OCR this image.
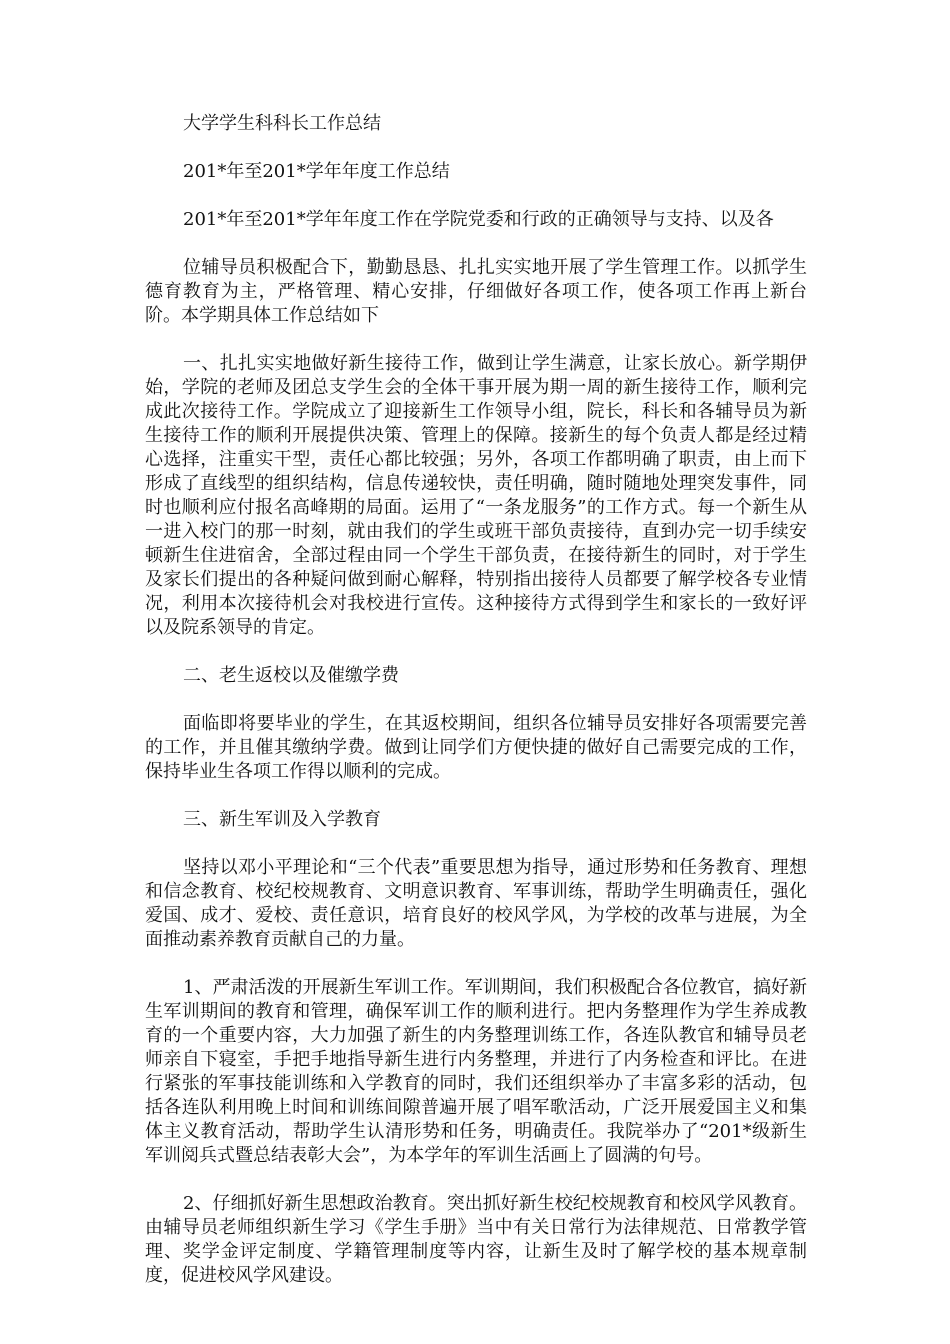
大学学生科科长工作总结

201*年至201*学年年度工作总结

201*年至201*学年年度工作在学院党委和行政的正确领导与支持、以及各

位辅导员积极配合下，勤勤恳恳、扎扎实实地开展了学生管理工作。以抓学生德育教育为主，严格管理、精心安排，仔细做好各项工作，使各项工作再上新台阶。本学期具体工作总结如下

一、扎扎实实地做好新生接待工作，做到让学生满意，让家长放心。新学期伊始，学院的老师及团总支学生会的全体干事开展为期一周的新生接待工作，顺利完成此次接待工作。学院成立了迎接新生工作领导小组，院长，科长和各辅导员为新生接待工作的顺利开展提供决策、管理上的保障。接新生的每个负责人都是经过精心选择，注重实干型，责任心都比较强；另外，各项工作都明确了职责，由上而下形成了直线型的组织结构，信息传递较快，责任明确，随时随地处理突发事件，同时也顺利应付报名高峰期的局面。运用了“一条龙服务”的工作方式。每一个新生从一进入校门的那一时刻，就由我们的学生或班干部负责接待，直到办完一切手续安顿新生住进宿舍，全部过程由同一个学生干部负责，在接待新生的同时，对于学生及家长们提出的各种疑问做到耐心解释，特别指出接待人员都要了解学校各专业情况，利用本次接待机会对我校进行宣传。这种接待方式得到学生和家长的一致好评以及院系领导的肯定。

二、老生返校以及催缴学费

面临即将要毕业的学生，在其返校期间，组织各位辅导员安排好各项需要完善的工作，并且催其缴纳学费。做到让同学们方便快捷的做好自己需要完成的工作，保持毕业生各项工作得以顺利的完成。

三、新生军训及入学教育

坚持以邓小平理论和“三个代表”重要思想为指导，通过形势和任务教育、理想和信念教育、校纪校规教育、文明意识教育、军事训练，帮助学生明确责任，强化爱国、成才、爱校、责任意识，培育良好的校风学风，为学校的改革与进展，为全面推动素养教育贡献自己的力量。

1、严肃活泼的开展新生军训工作。军训期间，我们积极配合各位教官，搞好新生军训期间的教育和管理，确保军训工作的顺利进行。把内务整理作为学生养成教育的一个重要内容，大力加强了新生的内务整理训练工作，各连队教官和辅导员老师亲自下寝室，手把手地指导新生进行内务整理，并进行了内务检查和评比。在进行紧张的军事技能训练和入学教育的同时，我们还组织举办了丰富多彩的活动，包括各连队利用晚上时间和训练间隙普遍开展了唱军歌活动，广泛开展爱国主义和集体主义教育活动，帮助学生认清形势和任务，明确责任。我院举办了“201*级新生军训阅兵式暨总结表彰大会”，为本学年的军训生活画上了圆满的句号。

2、仔细抓好新生思想政治教育。突出抓好新生校纪校规教育和校风学风教育。由辅导员老师组织新生学习《学生手册》当中有关日常行为法律规范、日常教学管理、奖学金评定制度、学籍管理制度等内容，让新生及时了解学校的基本规章制度，促进校风学风建设。
